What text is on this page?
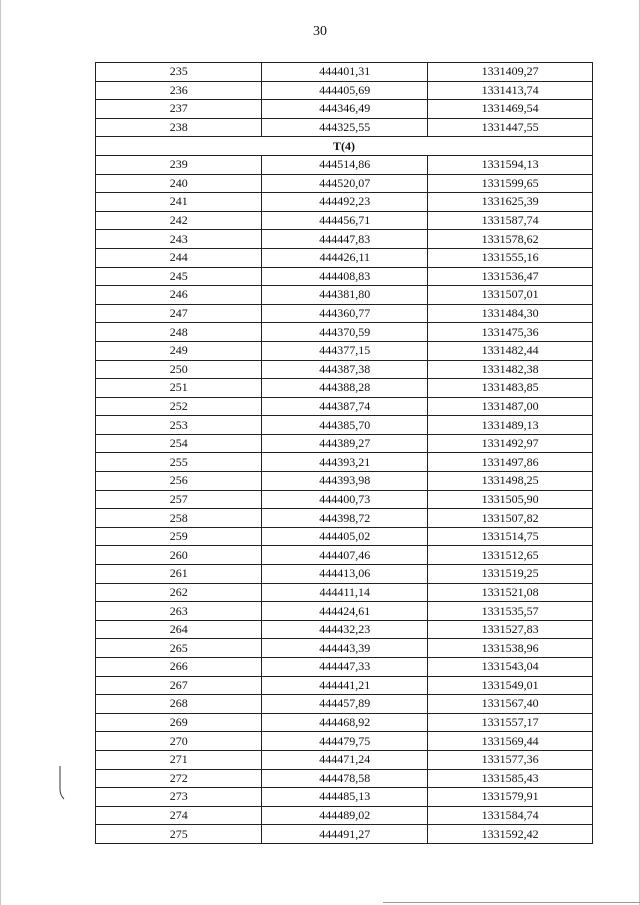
30
235	444401,31	1331409,27
236	444405,69	1331413,74
237	444346,49	1331469,54
238	444325,55	1331447,55
T(4)		
239	444514,86	1331594,13
240	444520,07	1331599,65
241	444492,23	1331625,39
242	444456,71	1331587,74
243	444447,83	1331578,62
244	444426,11	1331555,16
245	444408,83	1331536,47
246	444381,80	1331507,01
247	444360,77	1331484,30
248	444370,59	1331475,36
249	444377,15	1331482,44
250	444387,38	1331482,38
251	444388,28	1331483,85
252	444387,74	1331487,00
253	444385,70	1331489,13
254	444389,27	1331492,97
255	444393,21	1331497,86
256	444393,98	1331498,25
257	444400,73	1331505,90
258	444398,72	1331507,82
259	444405,02	1331514,75
260	444407,46	1331512,65
261	444413,06	1331519,25
262	444411,14	1331521,08
263	444424,61	1331535,57
264	444432,23	1331527,83
265	444443,39	1331538,96
266	444447,33	1331543,04
267	444441,21	1331549,01
268	444457,89	1331567,40
269	444468,92	1331557,17
270	444479,75	1331569,44
271	444471,24	1331577,36
272	444478,58	1331585,43
273	444485,13	1331579,91
274	444489,02	1331584,74
275	444491,27	1331592,42
